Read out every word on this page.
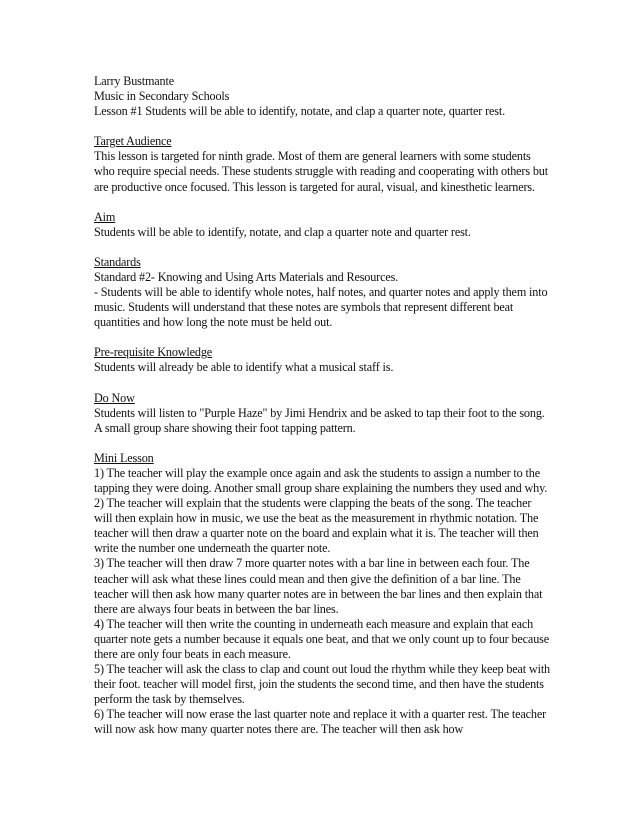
Larry Bustmante

Music in Secondary Schools

Lesson #1 Students will be able to identify, notate, and clap a quarter note, quarter rest.

Target Audience

This lesson is targeted for ninth grade. Most of them are general learners with some students who require special needs. These students struggle with reading and cooperating with others but are productive once focused. This lesson is targeted for aural, visual, and kinesthetic learners.

Aim

Students will be able to identify, notate, and clap a quarter note and quarter rest.

Standards

Standard #2- Knowing and Using Arts Materials and Resources.

- Students will be able to identify whole notes, half notes, and quarter notes and apply them into music. Students will understand that these notes are symbols that represent different beat quantities and how long the note must be held out.

Pre-requisite Knowledge

Students will already be able to identify what a musical staff is.

Do Now

Students will listen to "Purple Haze" by Jimi Hendrix and be asked to tap their foot to the song. A small group share showing their foot tapping pattern.

Mini Lesson

1) The teacher will play the example once again and ask the students to assign a number to the tapping they were doing. Another small group share explaining the numbers they used and why.

2) The teacher will explain that the students were clapping the beats of the song. The teacher will then explain how in music, we use the beat as the measurement in rhythmic notation. The teacher will then draw a quarter note on the board and explain what it is. The teacher will then write the number one underneath the quarter note.

3) The teacher will then draw 7 more quarter notes with a bar line in between each four. The teacher will ask what these lines could mean and then give the definition of a bar line. The teacher will then ask how many quarter notes are in between the bar lines and then explain that there are always four beats in between the bar lines.

4) The teacher will then write the counting in underneath each measure and explain that each quarter note gets a number because it equals one beat, and that we only count up to four because there are only four beats in each measure.

5) The teacher will ask the class to clap and count out loud the rhythm while they keep beat with their foot. teacher will model first, join the students the second time, and then have the students perform the task by themselves.

6) The teacher will now erase the last quarter note and replace it with a quarter rest. The teacher will now ask how many quarter notes there are. The teacher will then ask how
